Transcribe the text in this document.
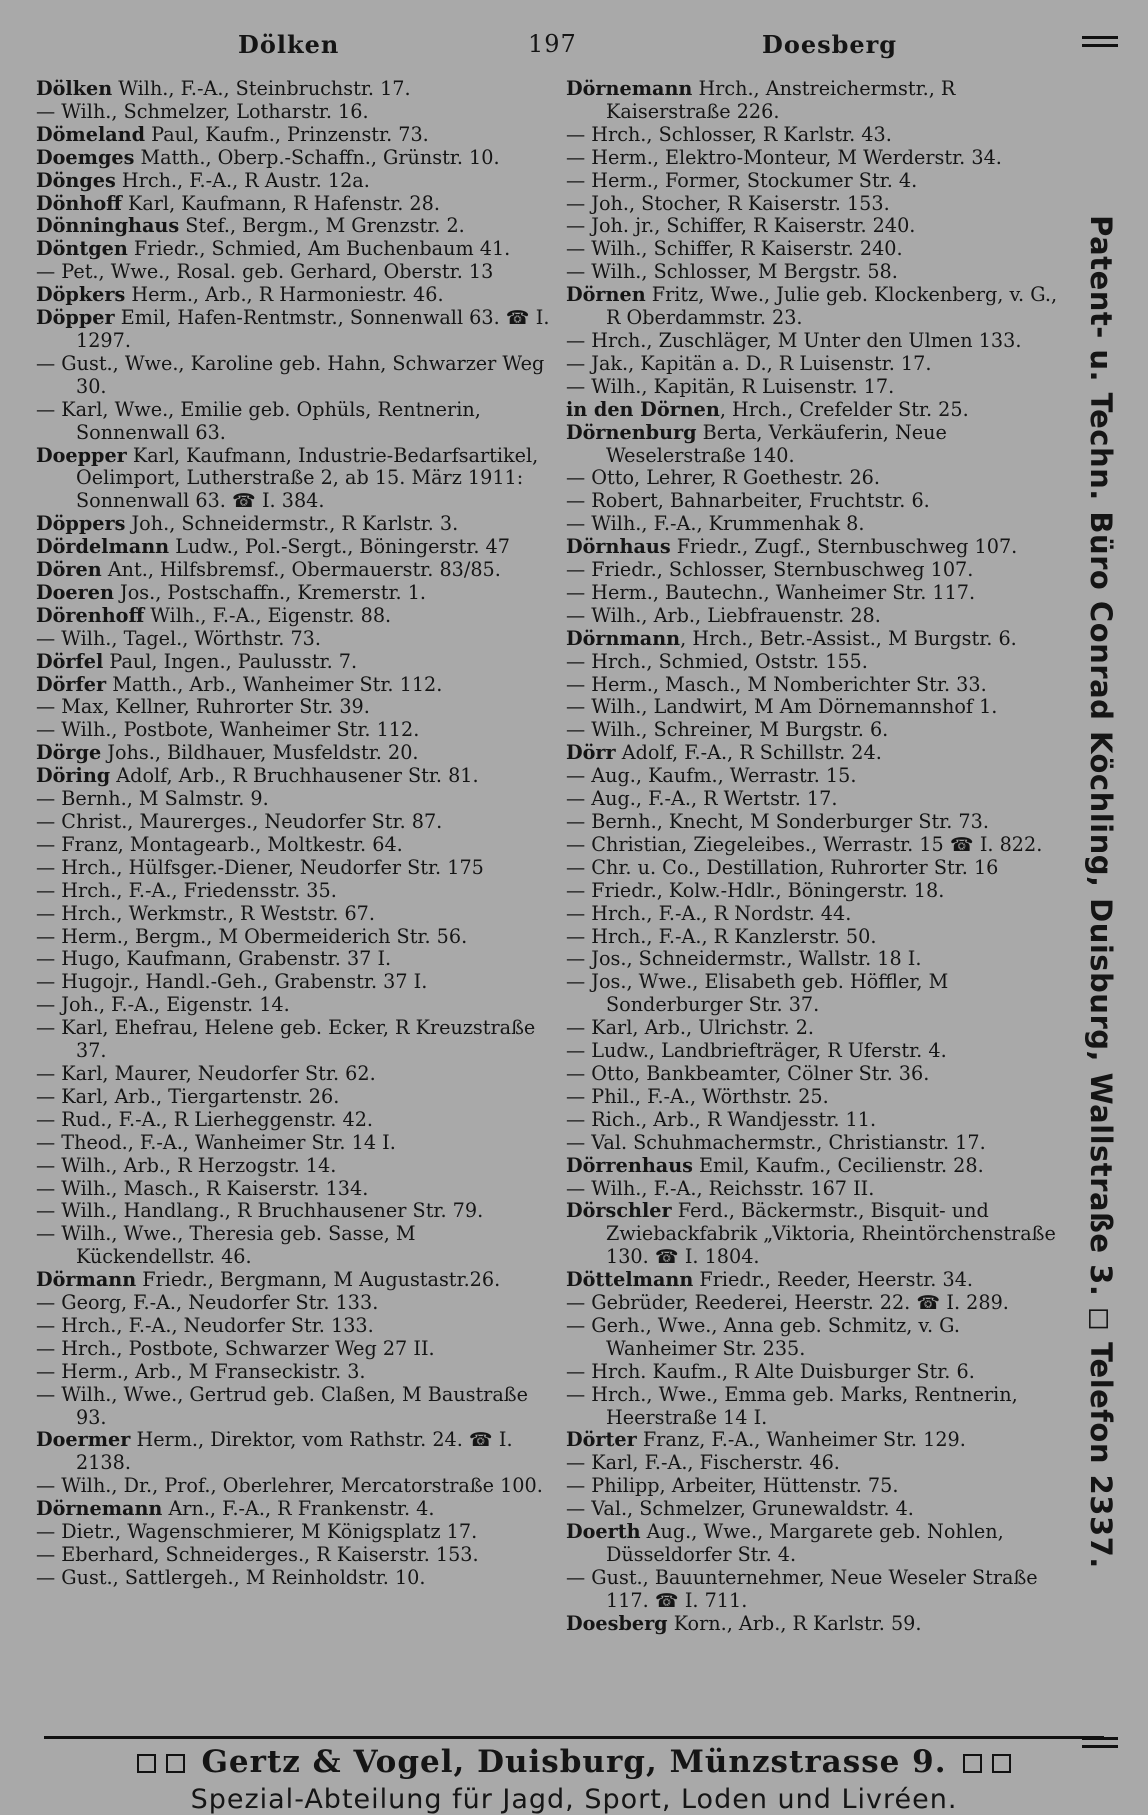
Dölken	197	Doesberg
Dölken Wilh., F.-A., Steinbruchstr. 17.
— Wilh., Schmelzer, Lotharstr. 16.
Dömeland Paul, Kaufm., Prinzenstr. 73.
Doemges Matth., Oberp.-Schaffn., Grünstr. 10.
Dönges Hrch., F.-A., R Austr. 12a.
Dönhoff Karl, Kaufmann, R Hafenstr. 28.
Dönninghaus Stef., Bergm., M Grenzstr. 2.
Döntgen Friedr., Schmied, Am Buchenbaum 41.
— Pet., Wwe., Rosal. geb. Gerhard, Oberstr. 13
Döpkers Herm., Arb., R Harmoniestr. 46.
Döpper Emil, Hafen-Rentmstr., Sonnenwall 63. ☎ I. 1297.
— Gust., Wwe., Karoline geb. Hahn, Schwarzer Weg 30.
— Karl, Wwe., Emilie geb. Ophüls, Rentnerin, Sonnenwall 63.
Doepper Karl, Kaufmann, Industrie-Bedarfsartikel, Oelimport, Lutherstraße 2, ab 15. März 1911: Sonnenwall 63. ☎ I. 384.
Döppers Joh., Schneidermstr., R Karlstr. 3.
Dördelmann Ludw., Pol.-Sergt., Böningerstr. 47
Dören Ant., Hilfsbremsf., Obermauerstr. 83/85.
Doeren Jos., Postschaffn., Kremerstr. 1.
Dörenhoff Wilh., F.-A., Eigenstr. 88.
— Wilh., Tagel., Wörthstr. 73.
Dörfel Paul, Ingen., Paulusstr. 7.
Dörfer Matth., Arb., Wanheimer Str. 112.
— Max, Kellner, Ruhrorter Str. 39.
— Wilh., Postbote, Wanheimer Str. 112.
Dörge Johs., Bildhauer, Musfeldstr. 20.
Döring Adolf, Arb., R Bruchhausener Str. 81.
— Bernh., M Salmstr. 9.
— Christ., Maurerges., Neudorfer Str. 87.
— Franz, Montagearb., Moltkestr. 64.
— Hrch., Hülfsger.-Diener, Neudorfer Str. 175
— Hrch., F.-A., Friedensstr. 35.
— Hrch., Werkmstr., R Weststr. 67.
— Herm., Bergm., M Obermeiderich Str. 56.
— Hugo, Kaufmann, Grabenstr. 37 I.
— Hugojr., Handl.-Geh., Grabenstr. 37 I.
— Joh., F.-A., Eigenstr. 14.
— Karl, Ehefrau, Helene geb. Ecker, R Kreuzstraße 37.
— Karl, Maurer, Neudorfer Str. 62.
— Karl, Arb., Tiergartenstr. 26.
— Rud., F.-A., R Lierheggenstr. 42.
— Theod., F.-A., Wanheimer Str. 14 I.
— Wilh., Arb., R Herzogstr. 14.
— Wilh., Masch., R Kaiserstr. 134.
— Wilh., Handlang., R Bruchhausener Str. 79.
— Wilh., Wwe., Theresia geb. Sasse, M Kückendellstr. 46.
Dörmann Friedr., Bergmann, M Augustastr.26.
— Georg, F.-A., Neudorfer Str. 133.
— Hrch., F.-A., Neudorfer Str. 133.
— Hrch., Postbote, Schwarzer Weg 27 II.
— Herm., Arb., M Franseckistr. 3.
— Wilh., Wwe., Gertrud geb. Claßen, M Baustraße 93.
Doermer Herm., Direktor, vom Rathstr. 24. ☎ I. 2138.
— Wilh., Dr., Prof., Oberlehrer, Mercatorstraße 100.
Dörnemann Arn., F.-A., R Frankenstr. 4.
— Dietr., Wagenschmierer, M Königsplatz 17.
— Eberhard, Schneiderges., R Kaiserstr. 153.
— Gust., Sattlergeh., M Reinholdstr. 10.
Dörnemann Hrch., Anstreichermstr., R Kaiserstraße 226.
— Hrch., Schlosser, R Karlstr. 43.
— Herm., Elektro-Monteur, M Werderstr. 34.
— Herm., Former, Stockumer Str. 4.
— Joh., Stocher, R Kaiserstr. 153.
— Joh. jr., Schiffer, R Kaiserstr. 240.
— Wilh., Schiffer, R Kaiserstr. 240.
— Wilh., Schlosser, M Bergstr. 58.
Dörnen Fritz, Wwe., Julie geb. Klockenberg, v. G., R Oberdammstr. 23.
— Hrch., Zuschläger, M Unter den Ulmen 133.
— Jak., Kapitän a. D., R Luisenstr. 17.
— Wilh., Kapitän, R Luisenstr. 17.
in den Dörnen, Hrch., Crefelder Str. 25.
Dörnenburg Berta, Verkäuferin, Neue Weselerstraße 140.
— Otto, Lehrer, R Goethestr. 26.
— Robert, Bahnarbeiter, Fruchtstr. 6.
— Wilh., F.-A., Krummenhak 8.
Dörnhaus Friedr., Zugf., Sternbuschweg 107.
— Friedr., Schlosser, Sternbuschweg 107.
— Herm., Bautechn., Wanheimer Str. 117.
— Wilh., Arb., Liebfrauenstr. 28.
Dörnmann, Hrch., Betr.-Assist., M Burgstr. 6.
— Hrch., Schmied, Oststr. 155.
— Herm., Masch., M Nomberichter Str. 33.
— Wilh., Landwirt, M Am Dörnemannshof 1.
— Wilh., Schreiner, M Burgstr. 6.
Dörr Adolf, F.-A., R Schillstr. 24.
— Aug., Kaufm., Werrastr. 15.
— Aug., F.-A., R Wertstr. 17.
— Bernh., Knecht, M Sonderburger Str. 73.
— Christian, Ziegeleibes., Werrastr. 15 ☎ I. 822.
— Chr. u. Co., Destillation, Ruhrorter Str. 16
— Friedr., Kolw.-Hdlr., Böningerstr. 18.
— Hrch., F.-A., R Nordstr. 44.
— Hrch., F.-A., R Kanzlerstr. 50.
— Jos., Schneidermstr., Wallstr. 18 I.
— Jos., Wwe., Elisabeth geb. Höffler, M Sonderburger Str. 37.
— Karl, Arb., Ulrichstr. 2.
— Ludw., Landbriefträger, R Uferstr. 4.
— Otto, Bankbeamter, Cölner Str. 36.
— Phil., F.-A., Wörthstr. 25.
— Rich., Arb., R Wandjesstr. 11.
— Val. Schuhmachermstr., Christianstr. 17.
Dörrenhaus Emil, Kaufm., Cecilienstr. 28.
— Wilh., F.-A., Reichsstr. 167 II.
Dörschler Ferd., Bäckermstr., Bisquit- und Zwiebackfabrik „Viktoria, Rheintörchenstraße 130. ☎ I. 1804.
Döttelmann Friedr., Reeder, Heerstr. 34.
— Gebrüder, Reederei, Heerstr. 22. ☎ I. 289.
— Gerh., Wwe., Anna geb. Schmitz, v. G. Wanheimer Str. 235.
— Hrch. Kaufm., R Alte Duisburger Str. 6.
— Hrch., Wwe., Emma geb. Marks, Rentnerin, Heerstraße 14 I.
Dörter Franz, F.-A., Wanheimer Str. 129.
— Karl, F.-A., Fischerstr. 46.
— Philipp, Arbeiter, Hüttenstr. 75.
— Val., Schmelzer, Grunewaldstr. 4.
Doerth Aug., Wwe., Margarete geb. Nohlen, Düsseldorfer Str. 4.
— Gust., Bauunternehmer, Neue Weseler Straße 117. ☎ I. 711.
Doesberg Korn., Arb., R Karlstr. 59.
Patent- u. Techn. Büro Conrad Köchling, Duisburg, Wallstraße 3. ◻ Telefon 2337.
Gertz & Vogel, Duisburg, Münzstrasse 9.
Spezial-Abteilung für Jagd, Sport, Loden und Livréen.
